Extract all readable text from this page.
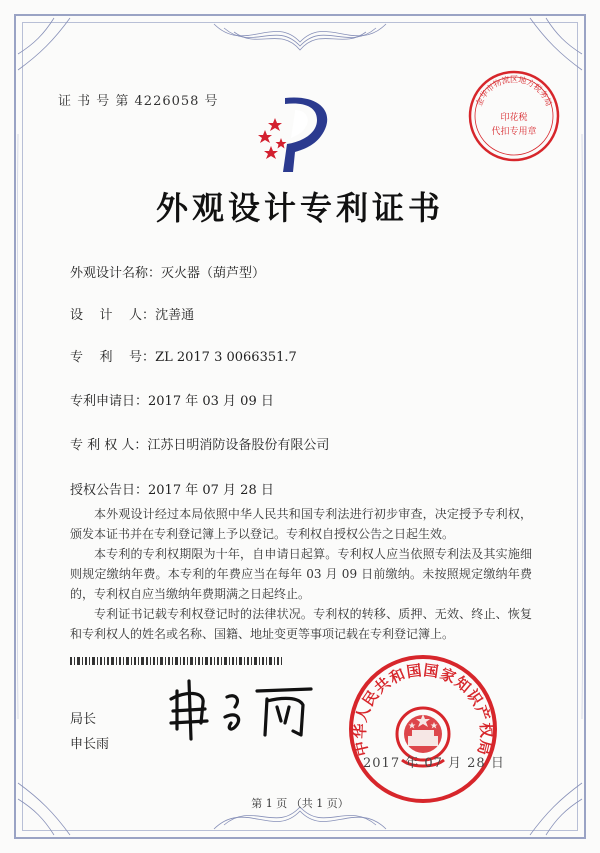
证 书 号 第 4226058 号
外观设计专利证书
金华市物流区地方税务局
印花税
代扣专用章
外观设计名称：灭火器（葫芦型）
设    计    人：沈善通
专    利    号：ZL 2017 3 0066351.7
专利申请日：2017 年 03 月 09 日
专 利 权 人：江苏日明消防设备股份有限公司
授权公告日：2017 年 07 月 28 日

本外观设计经过本局依照中华人民共和国专利法进行初步审查，决定授予专利权，颁发本证书并在专利登记簿上予以登记。专利权自授权公告之日起生效。

本专利的专利权期限为十年，自申请日起算。专利权人应当依照专利法及其实施细则规定缴纳年费。本专利的年费应当在每年 03 月 09 日前缴纳。未按照规定缴纳年费的，专利权自应当缴纳年费期满之日起终止。

专利证书记载专利权登记时的法律状况。专利权的转移、质押、无效、终止、恢复和专利权人的姓名或名称、国籍、地址变更等事项记载在专利登记簿上。

局长
申长雨	中华人民共和国国家知识产权局
2017 年 07 月 28 日
第 1 页 （共 1 页）
